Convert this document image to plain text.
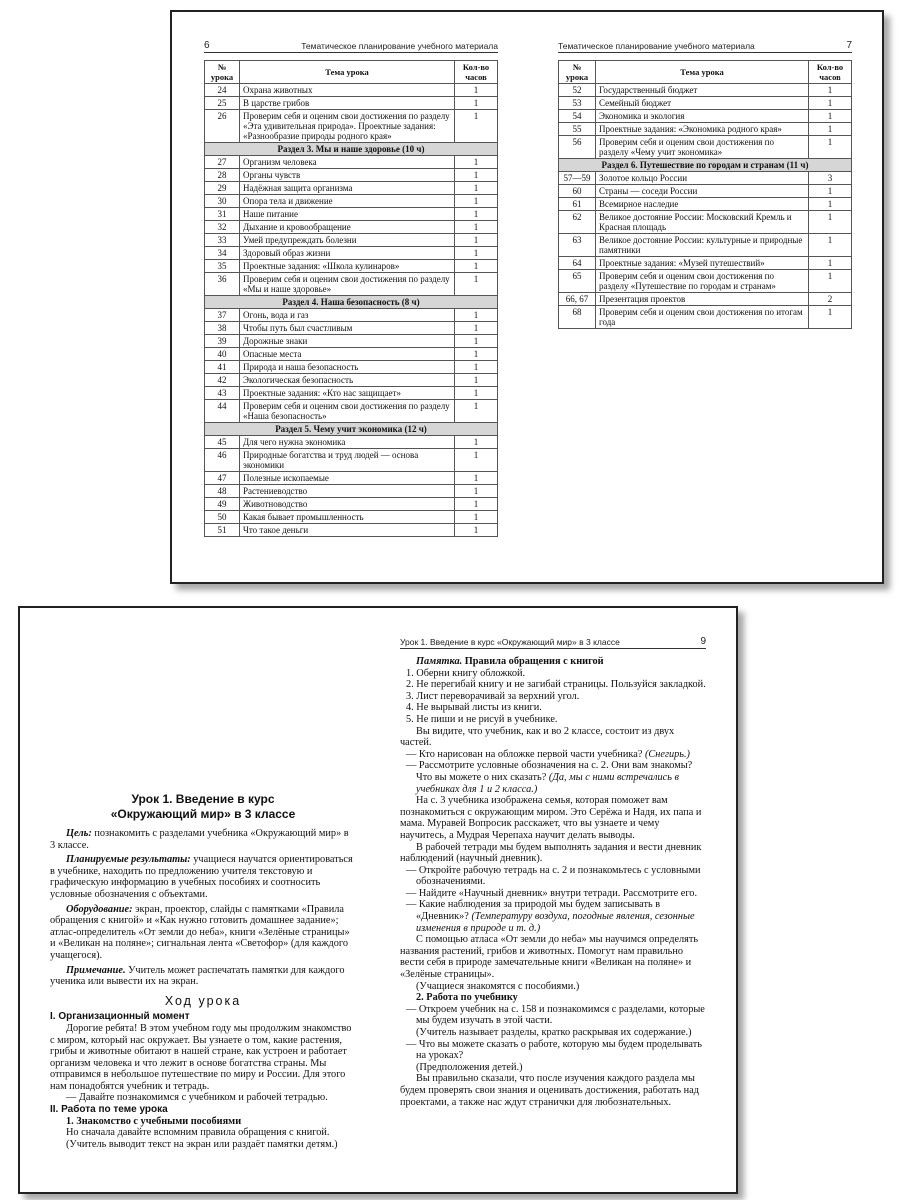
6	Тематическое планирование учебного материала
№ урока	Тема урока	Кол-во часов
24	Охрана животных	1
25	В царстве грибов	1
26	Проверим себя и оценим свои достижения по разделу «Эта удивительная природа». Проектные задания: «Разнообразие природы родного края»	1
Раздел 3. Мы и наше здоровье (10 ч)		
27	Организм человека	1
28	Органы чувств	1
29	Надёжная защита организма	1
30	Опора тела и движение	1
31	Наше питание	1
32	Дыхание и кровообращение	1
33	Умей предупреждать болезни	1
34	Здоровый образ жизни	1
35	Проектные задания: «Школа кулинаров»	1
36	Проверим себя и оценим свои достижения по разделу «Мы и наше здоровье»	1
Раздел 4. Наша безопасность (8 ч)		
37	Огонь, вода и газ	1
38	Чтобы путь был счастливым	1
39	Дорожные знаки	1
40	Опасные места	1
41	Природа и наша безопасность	1
42	Экологическая безопасность	1
43	Проектные задания: «Кто нас защищает»	1
44	Проверим себя и оценим свои достижения по разделу «Наша безопасность»	1
Раздел 5. Чему учит экономика (12 ч)		
45	Для чего нужна экономика	1
46	Природные богатства и труд людей — основа экономики	1
47	Полезные ископаемые	1
48	Растениеводство	1
49	Животноводство	1
50	Какая бывает промышленность	1
51	Что такое деньги	1
Тематическое планирование учебного материала	7
№ урока	Тема урока	Кол-во часов
52	Государственный бюджет	1
53	Семейный бюджет	1
54	Экономика и экология	1
55	Проектные задания: «Экономика родного края»	1
56	Проверим себя и оценим свои достижения по разделу «Чему учит экономика»	1
Раздел 6. Путешествие по городам и странам (11 ч)		
57—59	Золотое кольцо России	3
60	Страны — соседи России	1
61	Всемирное наследие	1
62	Великое достояние России: Московский Кремль и Красная площадь	1
63	Великое достояние России: культурные и природные памятники	1
64	Проектные задания: «Музей путешествий»	1
65	Проверим себя и оценим свои достижения по разделу «Путешествие по городам и странам»	1
66, 67	Презентация проектов	2
68	Проверим себя и оценим свои достижения по итогам года	1
Урок 1. Введение в курс «Окружающий мир» в 3 классе

Цель: познакомить с разделами учебника «Окружающий мир» в 3 классе.

Планируемые результаты: учащиеся научатся ориентироваться в учебнике, находить по предложению учителя текстовую и графическую информацию в учебных пособиях и соотносить условные обозначения с объектами.

Оборудование: экран, проектор, слайды с памятками «Правила обращения с книгой» и «Как нужно готовить домашнее задание»; атлас-определитель «От земли до неба», книги «Зелёные страницы» и «Великан на поляне»; сигнальная лента «Светофор» (для каждого учащегося).

Примечание. Учитель может распечатать памятки для каждого ученика или вывести их на экран.

Ход урока
I. Организационный момент

Дорогие ребята! В этом учебном году мы продолжим знакомство с миром, который нас окружает. Вы узнаете о том, какие растения, грибы и животные обитают в нашей стране, как устроен и работает организм человека и что лежит в основе богатства страны. Мы отправимся в небольшое путешествие по миру и России. Для этого нам понадобятся учебник и тетрадь.

— Давайте познакомимся с учебником и рабочей тетрадью.

II. Работа по теме урока

1. Знакомство с учебными пособиями

Но сначала давайте вспомним правила обращения с книгой.

(Учитель выводит текст на экран или раздаёт памятки детям.)

Урок 1. Введение в курс «Окружающий мир» в 3 классе	9

Памятка. Правила обращения с книгой

1. Оберни книгу обложкой.

2. Не перегибай книгу и не загибай страницы. Пользуйся закладкой.

3. Лист переворачивай за верхний угол.

4. Не вырывай листы из книги.

5. Не пиши и не рисуй в учебнике.

Вы видите, что учебник, как и во 2 классе, состоит из двух частей.

— Кто нарисован на обложке первой части учебника? (Снегирь.)

— Рассмотрите условные обозначения на с. 2. Они вам знакомы? Что вы можете о них сказать? (Да, мы с ними встречались в учебниках для 1 и 2 класса.)

На с. 3 учебника изображена семья, которая поможет вам познакомиться с окружающим миром. Это Серёжа и Надя, их папа и мама. Муравей Вопросик расскажет, что вы узнаете и чему научитесь, а Мудрая Черепаха научит делать выводы.

В рабочей тетради мы будем выполнять задания и вести дневник наблюдений (научный дневник).

— Откройте рабочую тетрадь на с. 2 и познакомьтесь с условными обозначениями.

— Найдите «Научный дневник» внутри тетради. Рассмотрите его.

— Какие наблюдения за природой мы будем записывать в «Дневник»? (Температуру воздуха, погодные явления, сезонные изменения в природе и т. д.)

С помощью атласа «От земли до неба» мы научимся определять названия растений, грибов и животных. Помогут нам правильно вести себя в природе замечательные книги «Великан на поляне» и «Зелёные страницы».

(Учащиеся знакомятся с пособиями.)

2. Работа по учебнику

— Откроем учебник на с. 158 и познакомимся с разделами, которые мы будем изучать в этой части.

(Учитель называет разделы, кратко раскрывая их содержание.)

— Что вы можете сказать о работе, которую мы будем проделывать на уроках?

(Предположения детей.)

Вы правильно сказали, что после изучения каждого раздела мы будем проверять свои знания и оценивать достижения, работать над проектами, а также нас ждут странички для любознательных.
